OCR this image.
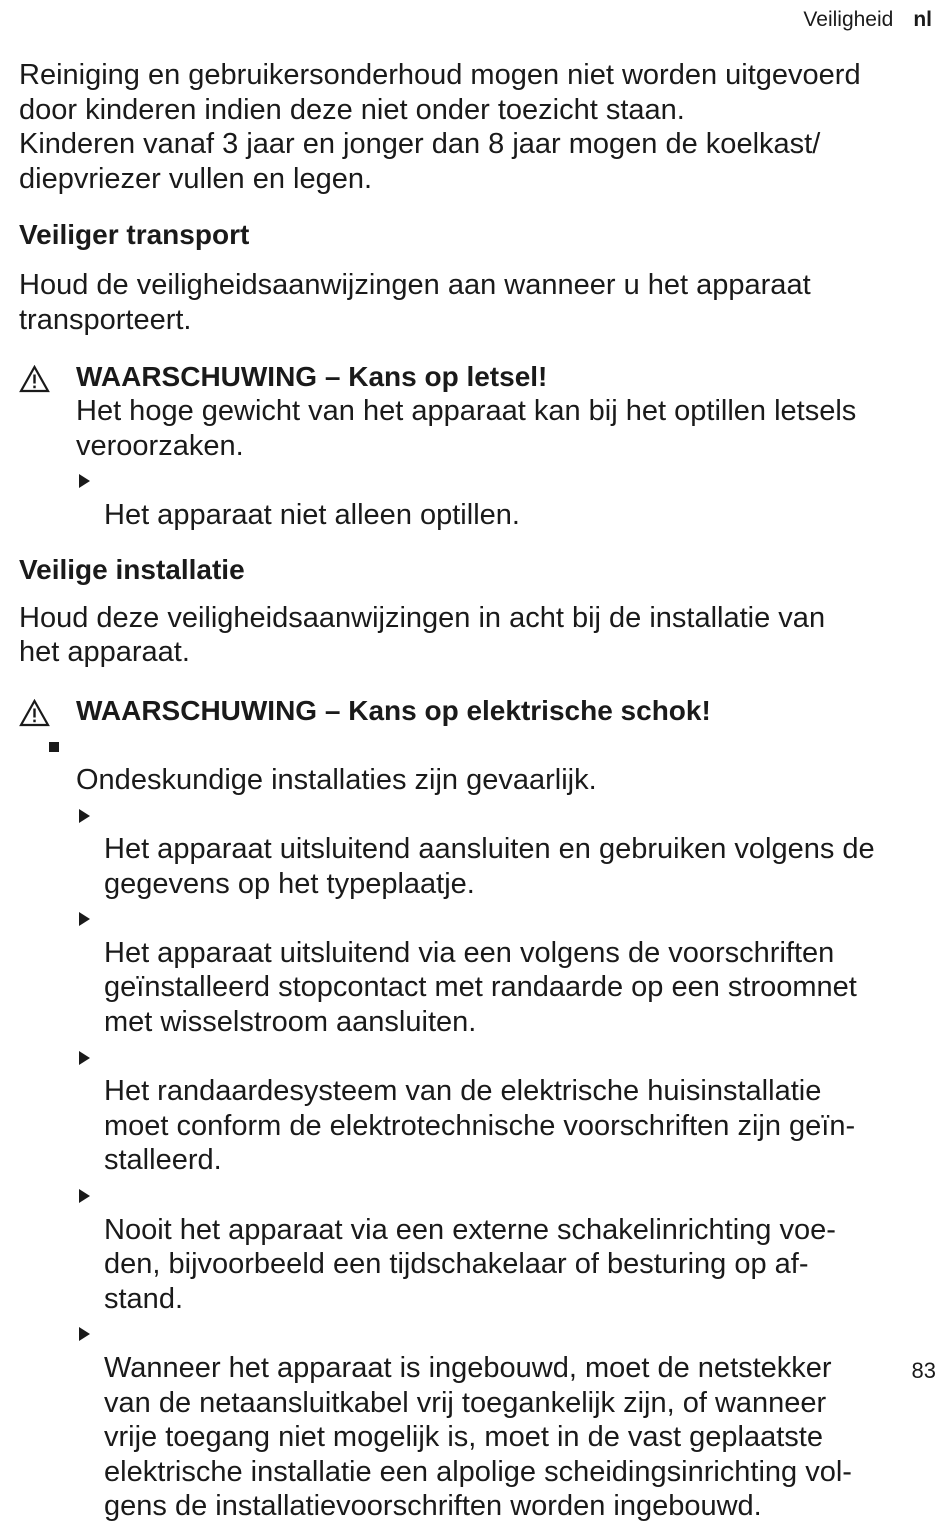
Veiligheid nl

Reiniging en gebruikersonderhoud mogen niet worden uitgevoerd
door kinderen indien deze niet onder toezicht staan.
Kinderen vanaf 3 jaar en jonger dan 8 jaar mogen de koelkast/
diepvriezer vullen en legen.

Veiliger transport

Houd de veiligheidsaanwijzingen aan wanneer u het apparaat
transporteert.

WAARSCHUWING – Kans op letsel!

Het hoge gewicht van het apparaat kan bij het optillen letsels
veroorzaken.

Het apparaat niet alleen optillen.

Veilige installatie

Houd deze veiligheidsaanwijzingen in acht bij de installatie van
het apparaat.

WAARSCHUWING – Kans op elektrische schok!

Ondeskundige installaties zijn gevaarlijk.

Het apparaat uitsluitend aansluiten en gebruiken volgens de
gegevens op het typeplaatje.

Het apparaat uitsluitend via een volgens de voorschriften
geïnstalleerd stopcontact met randaarde op een stroomnet
met wisselstroom aansluiten.

Het randaardesysteem van de elektrische huisinstallatie
moet conform de elektrotechnische voorschriften zijn geïn-
stalleerd.

Nooit het apparaat via een externe schakelinrichting voe-
den, bijvoorbeeld een tijdschakelaar of besturing op af-
stand.

Wanneer het apparaat is ingebouwd, moet de netstekker
van de netaansluitkabel vrij toegankelijk zijn, of wanneer
vrije toegang niet mogelijk is, moet in de vast geplaatste
elektrische installatie een alpolige scheidingsinrichting vol-
gens de installatievoorschriften worden ingebouwd.

83
